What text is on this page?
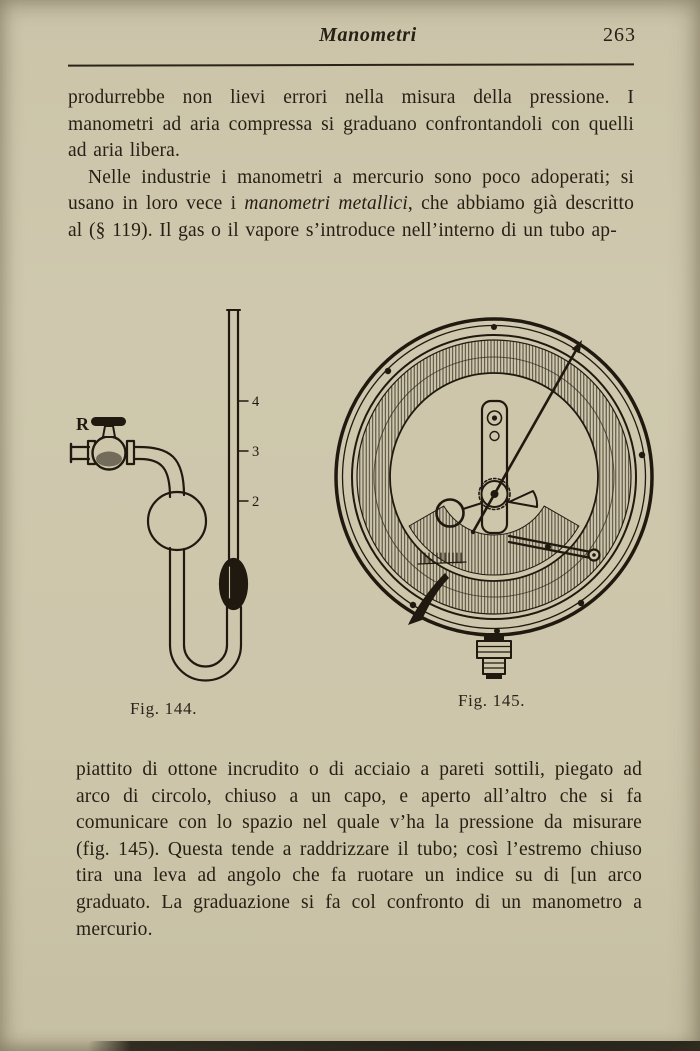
Manometri	263

produrrebbe non lievi errori nella misura della pressione. I manometri ad aria compressa si graduano confrontandoli con quelli ad aria libera.

Nelle industrie i manometri a mercurio sono poco adoperati; si usano in loro vece i manometri metallici, che abbiamo già descritto al (§ 119). Il gas o il vapore s’introduce nell’interno di un tubo ap-

R
4
3
2
Fig. 144.	Fig. 145.

piattito di ottone incrudito o di acciaio a pareti sottili, piegato ad arco di circolo, chiuso a un capo, e aperto all’altro che si fa comunicare con lo spazio nel quale v’ha la pressione da misurare (fig. 145). Questa tende a raddrizzare il tubo; così l’estremo chiuso tira una leva ad angolo che fa ruotare un indice su di [un arco graduato. La graduazione si fa col confronto di un manometro a mercurio.
